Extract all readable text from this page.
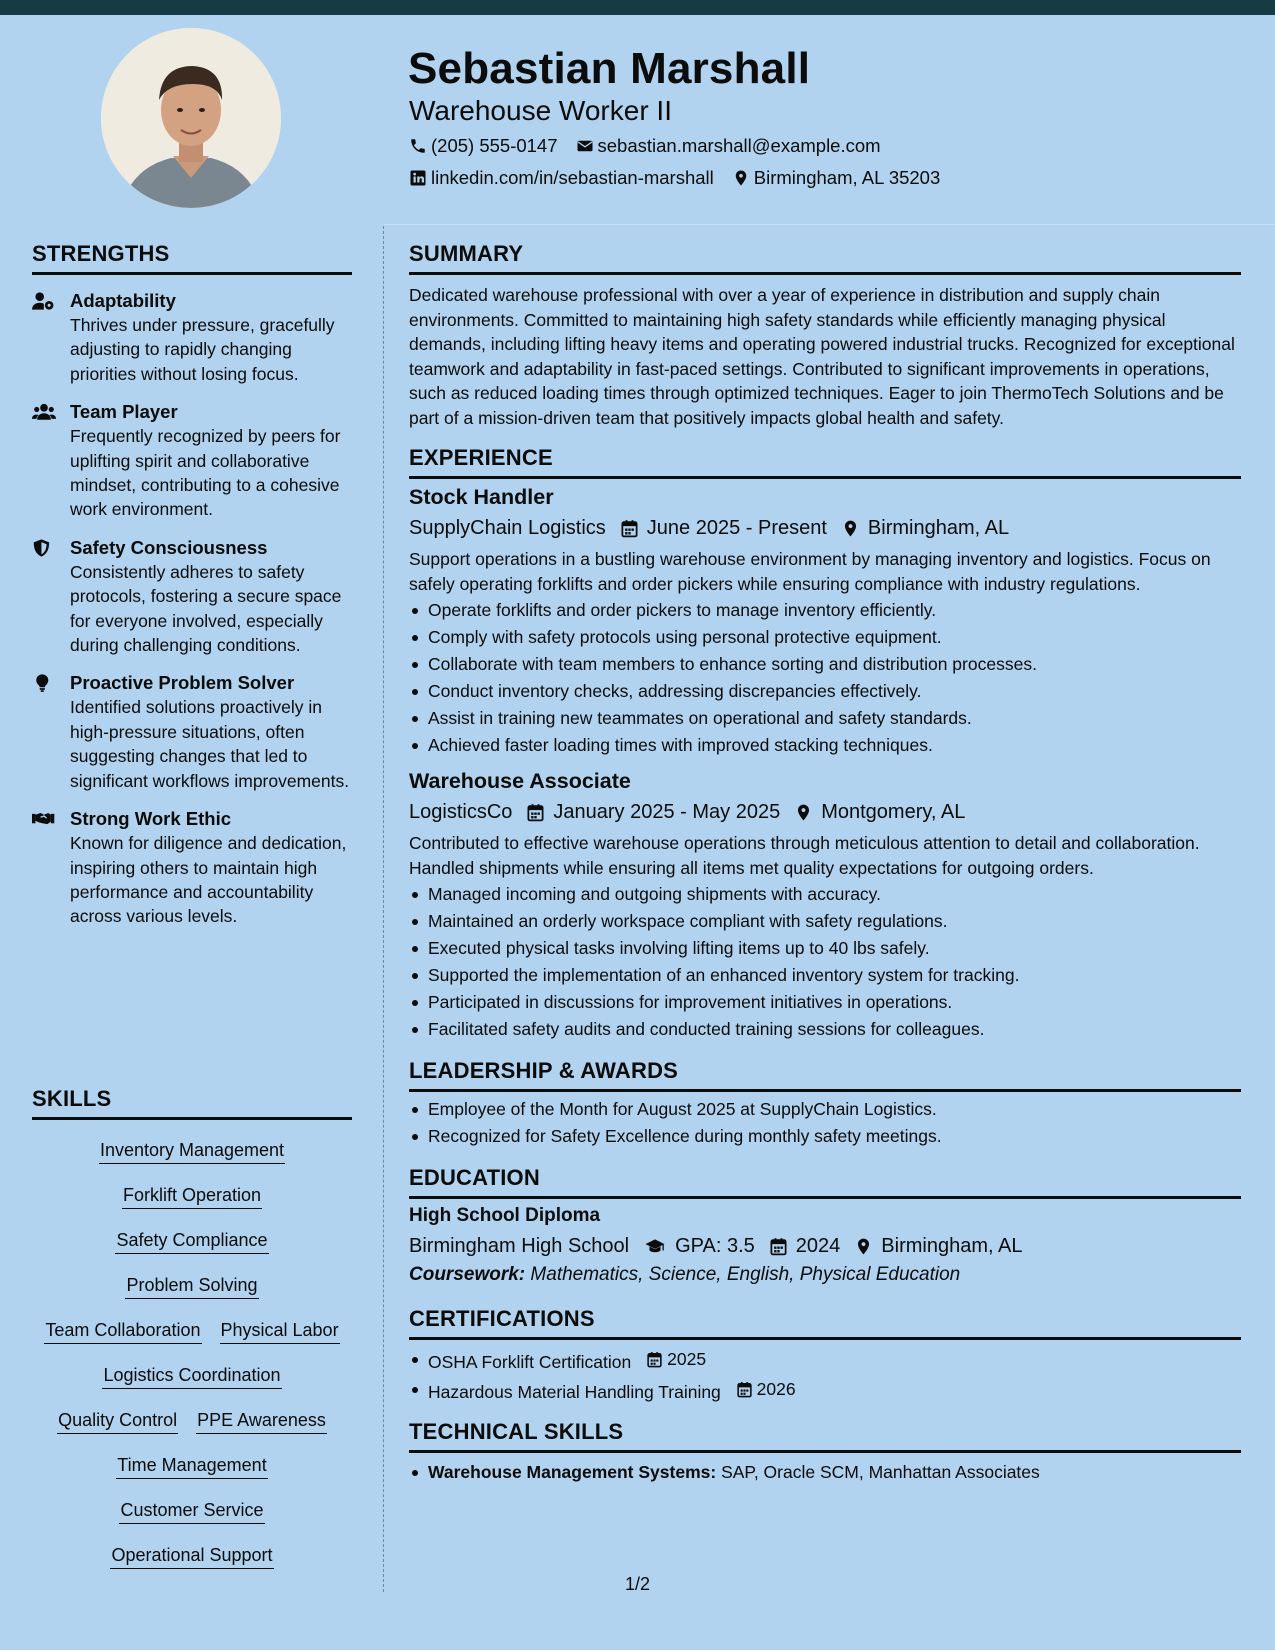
Sebastian Marshall
Warehouse Worker II
(205) 555-0147 sebastian.marshall@example.com
linkedin.com/in/sebastian-marshall Birmingham, AL 35203
STRENGTHS
Adaptability
Thrives under pressure, gracefully adjusting to rapidly changing priorities without losing focus.
Team Player
Frequently recognized by peers for uplifting spirit and collaborative mindset, contributing to a cohesive work environment.
Safety Consciousness
Consistently adheres to safety protocols, fostering a secure space for everyone involved, especially during challenging conditions.
Proactive Problem Solver
Identified solutions proactively in high-pressure situations, often suggesting changes that led to significant workflows improvements.
Strong Work Ethic
Known for diligence and dedication, inspiring others to maintain high performance and accountability across various levels.
SKILLS
Inventory Management
Forklift Operation
Safety Compliance
Problem Solving
Team Collaboration Physical Labor
Logistics Coordination
Quality Control PPE Awareness
Time Management
Customer Service
Operational Support
SUMMARY
Dedicated warehouse professional with over a year of experience in distribution and supply chain environments. Committed to maintaining high safety standards while efficiently managing physical demands, including lifting heavy items and operating powered industrial trucks. Recognized for exceptional teamwork and adaptability in fast-paced settings. Contributed to significant improvements in operations, such as reduced loading times through optimized techniques. Eager to join ThermoTech Solutions and be part of a mission-driven team that positively impacts global health and safety.
EXPERIENCE
Stock Handler
SupplyChain Logistics June 2025 - Present Birmingham, AL
Support operations in a bustling warehouse environment by managing inventory and logistics. Focus on safely operating forklifts and order pickers while ensuring compliance with industry regulations.
Operate forklifts and order pickers to manage inventory efficiently.
Comply with safety protocols using personal protective equipment.
Collaborate with team members to enhance sorting and distribution processes.
Conduct inventory checks, addressing discrepancies effectively.
Assist in training new teammates on operational and safety standards.
Achieved faster loading times with improved stacking techniques.
Warehouse Associate
LogisticsCo January 2025 - May 2025 Montgomery, AL
Contributed to effective warehouse operations through meticulous attention to detail and collaboration. Handled shipments while ensuring all items met quality expectations for outgoing orders.
Managed incoming and outgoing shipments with accuracy.
Maintained an orderly workspace compliant with safety regulations.
Executed physical tasks involving lifting items up to 40 lbs safely.
Supported the implementation of an enhanced inventory system for tracking.
Participated in discussions for improvement initiatives in operations.
Facilitated safety audits and conducted training sessions for colleagues.
LEADERSHIP & AWARDS
Employee of the Month for August 2025 at SupplyChain Logistics.
Recognized for Safety Excellence during monthly safety meetings.
EDUCATION
High School Diploma
Birmingham High School GPA: 3.5 2024 Birmingham, AL
Coursework: Mathematics, Science, English, Physical Education
CERTIFICATIONS
OSHA Forklift Certification 2025
Hazardous Material Handling Training 2026
TECHNICAL SKILLS
Warehouse Management Systems: SAP, Oracle SCM, Manhattan Associates
1/2
